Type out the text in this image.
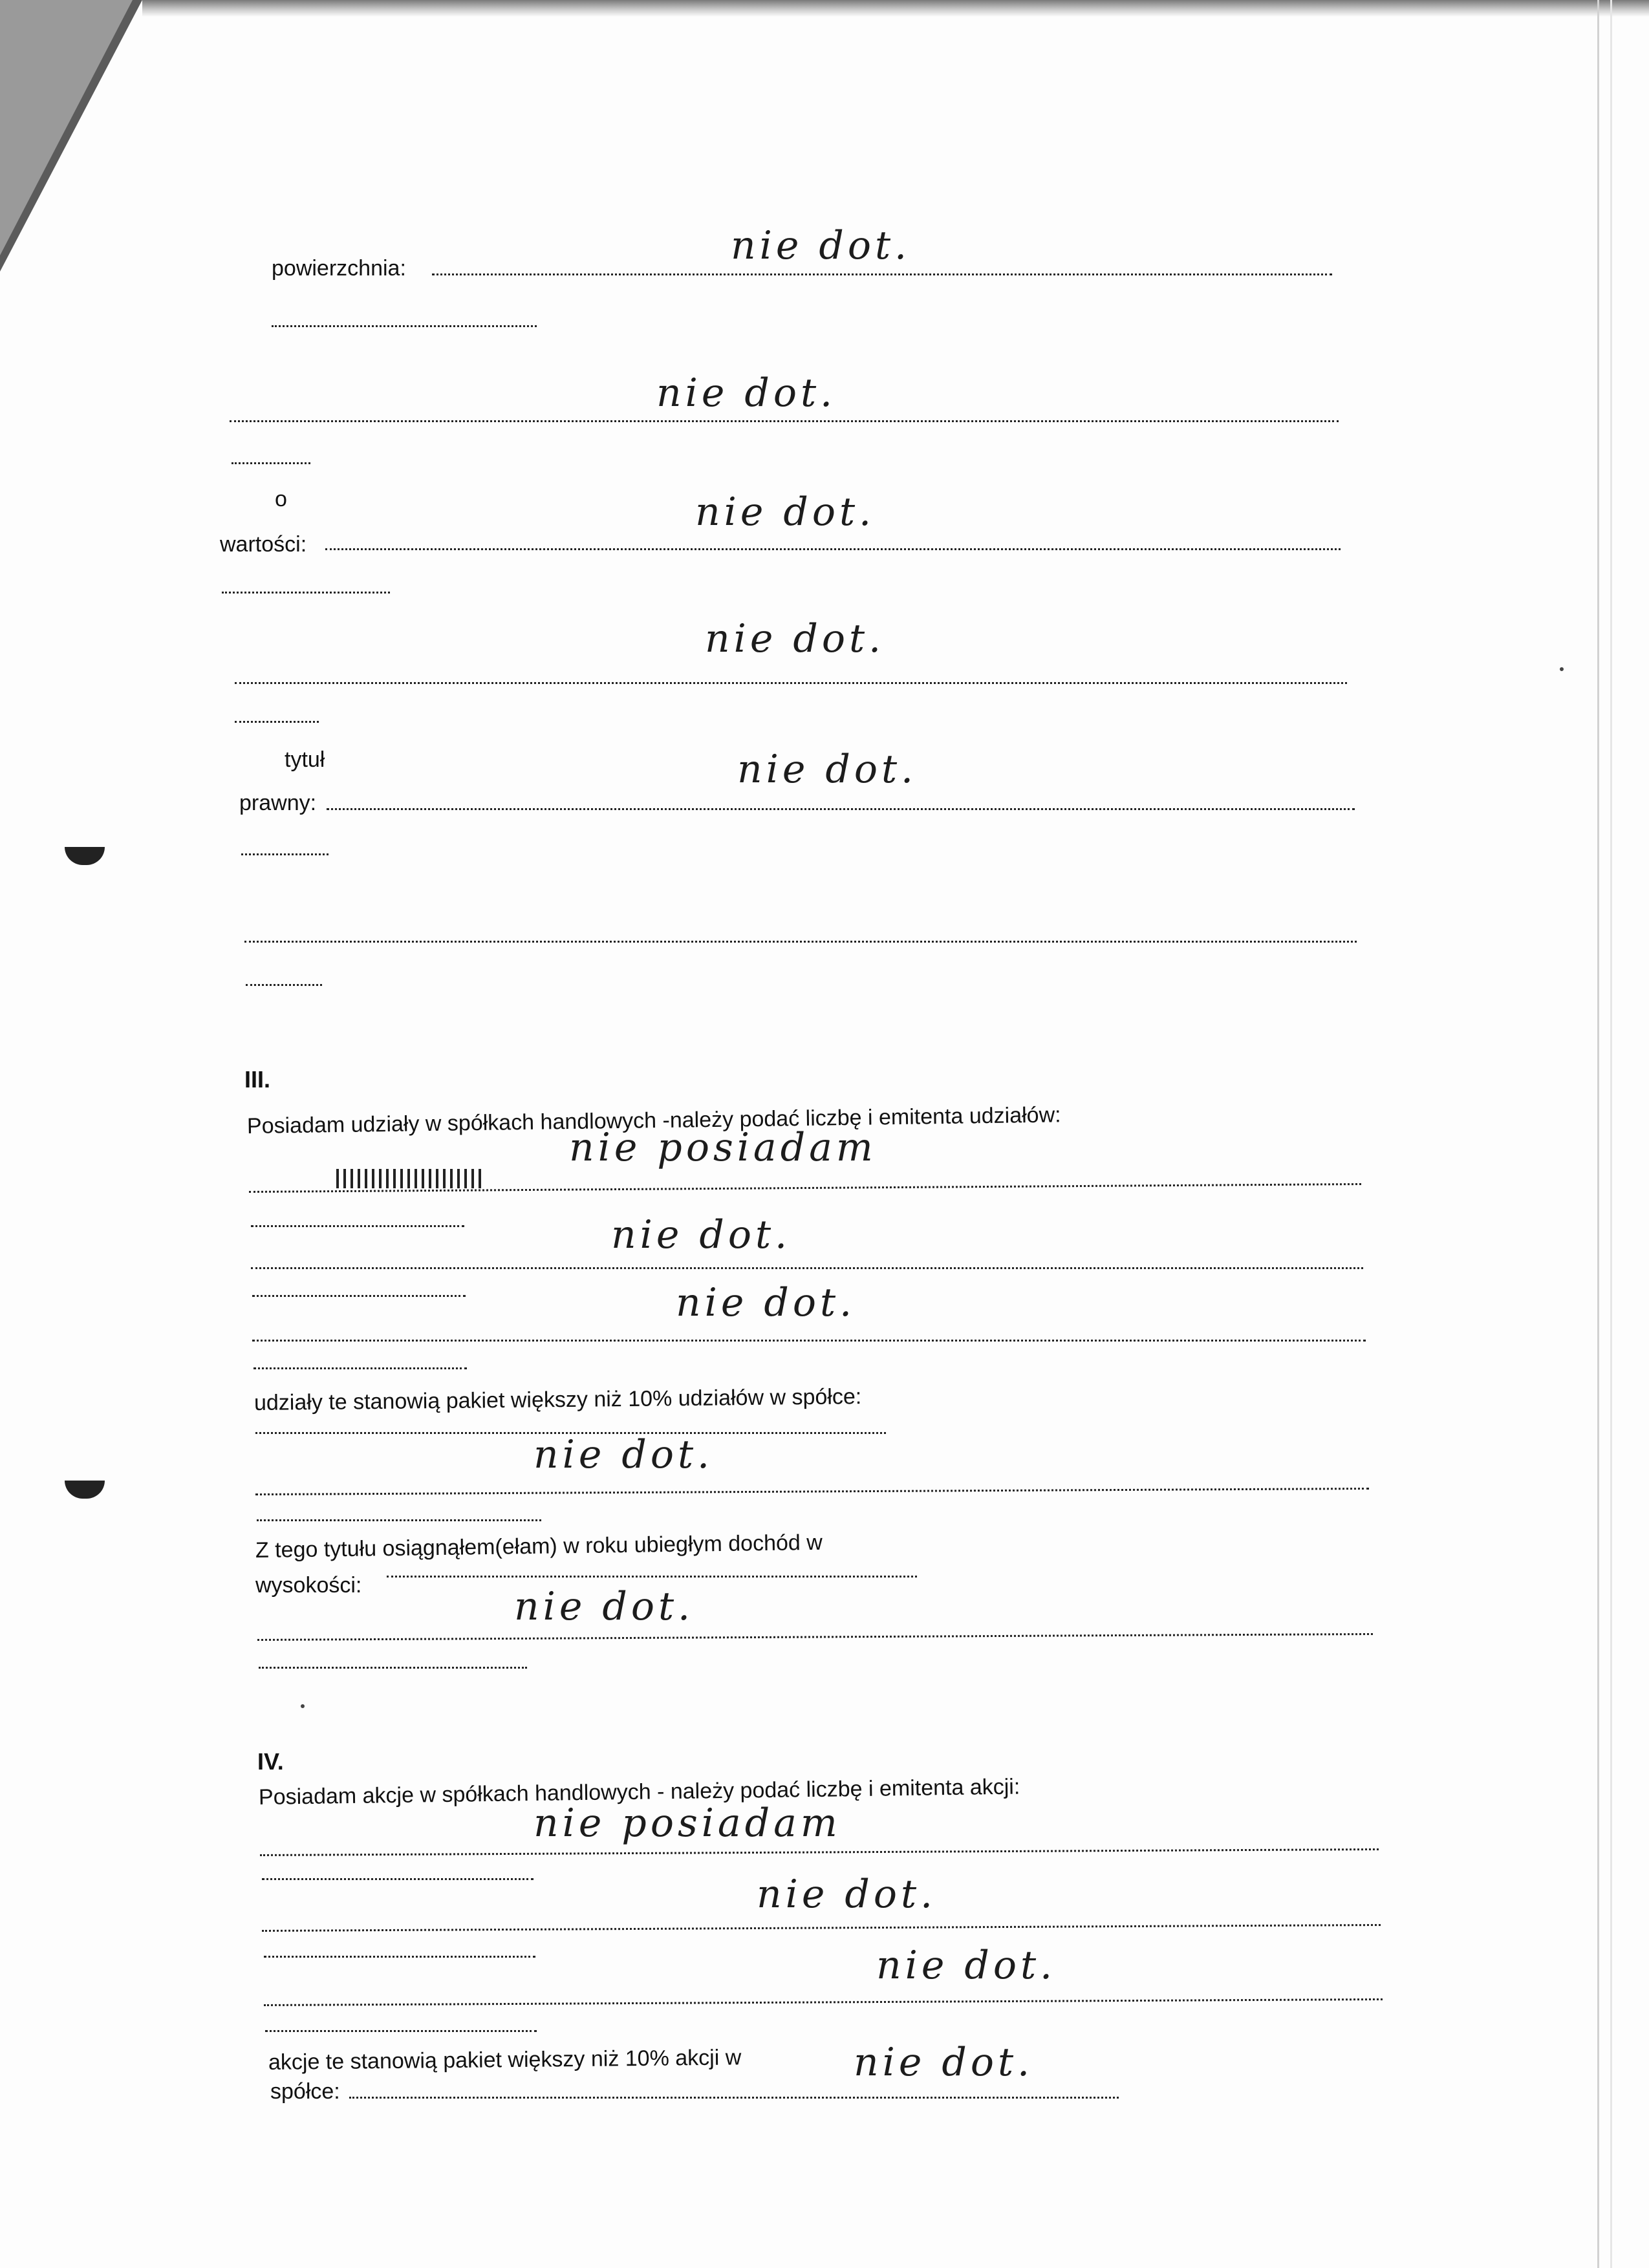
powierzchnia:	nie dot.
nie dot.
o
wartości:
nie dot.
nie dot.
tytuł
prawny:
nie dot.
III.
Posiadam udziały w spółkach handlowych -należy podać liczbę i emitenta udziałów:
nie posiadam
nie dot.
nie dot.
udziały te stanowią pakiet większy niż 10% udziałów w spółce:
nie dot.
Z tego tytułu osiągnąłem(ełam) w roku ubiegłym dochód w
wysokości:	nie dot.
IV.
Posiadam akcje w spółkach handlowych - należy podać liczbę i emitenta akcji:
nie posiadam
nie dot.
nie dot.
akcje te stanowią pakiet większy niż 10% akcji w
spółce:
nie dot.
